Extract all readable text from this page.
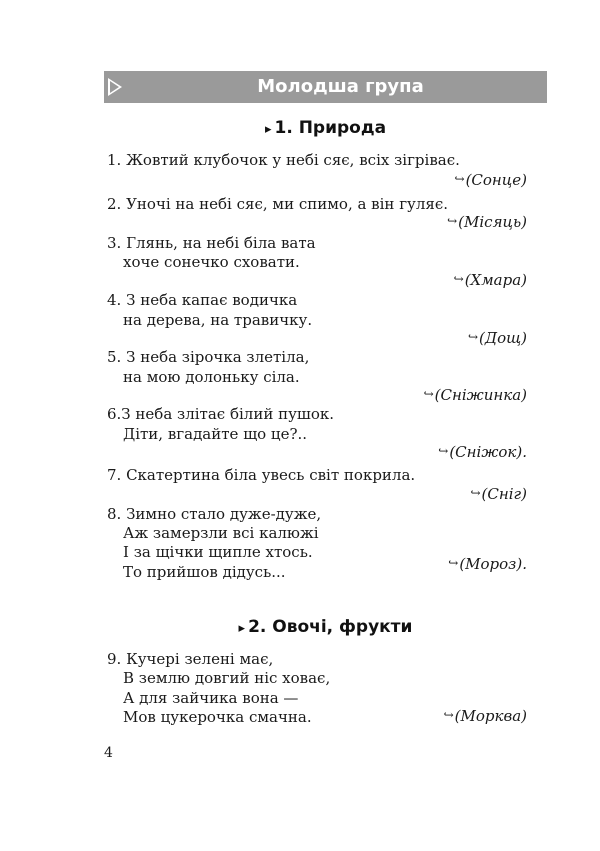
Молодша група
▸ 1. Природа
1. Жовтий клубочок у небі сяє, всіх зігріває.
↪(Сонце)
2. Уночі на небі сяє, ми спимо, а він гуляє.
↪(Місяць)
3. Глянь, на небі біла вата
хоче сонечко сховати.
↪(Хмара)
4. З неба капає водичка
на дерева, на травичку.
↪(Дощ)
5. З неба зірочка злетіла,
на мою долоньку сіла.
↪(Сніжинка)
6.З неба злітає білий пушок.
Діти, вгадайте що це?..
↪(Сніжок).
7. Скатертина біла увесь світ покрила.
↪(Сніг)
8. Зимно стало дуже-дуже,
Аж замерзли всі калюжі
І за щічки щипле хтось.
То прийшов дідусь...	↪(Мороз).
▸ 2. Овочі, фрукти
9. Кучері зелені має,
В землю довгий ніс ховає,
А для зайчика вона —
Мов цукерочка смачна.	↪(Морква)
4
